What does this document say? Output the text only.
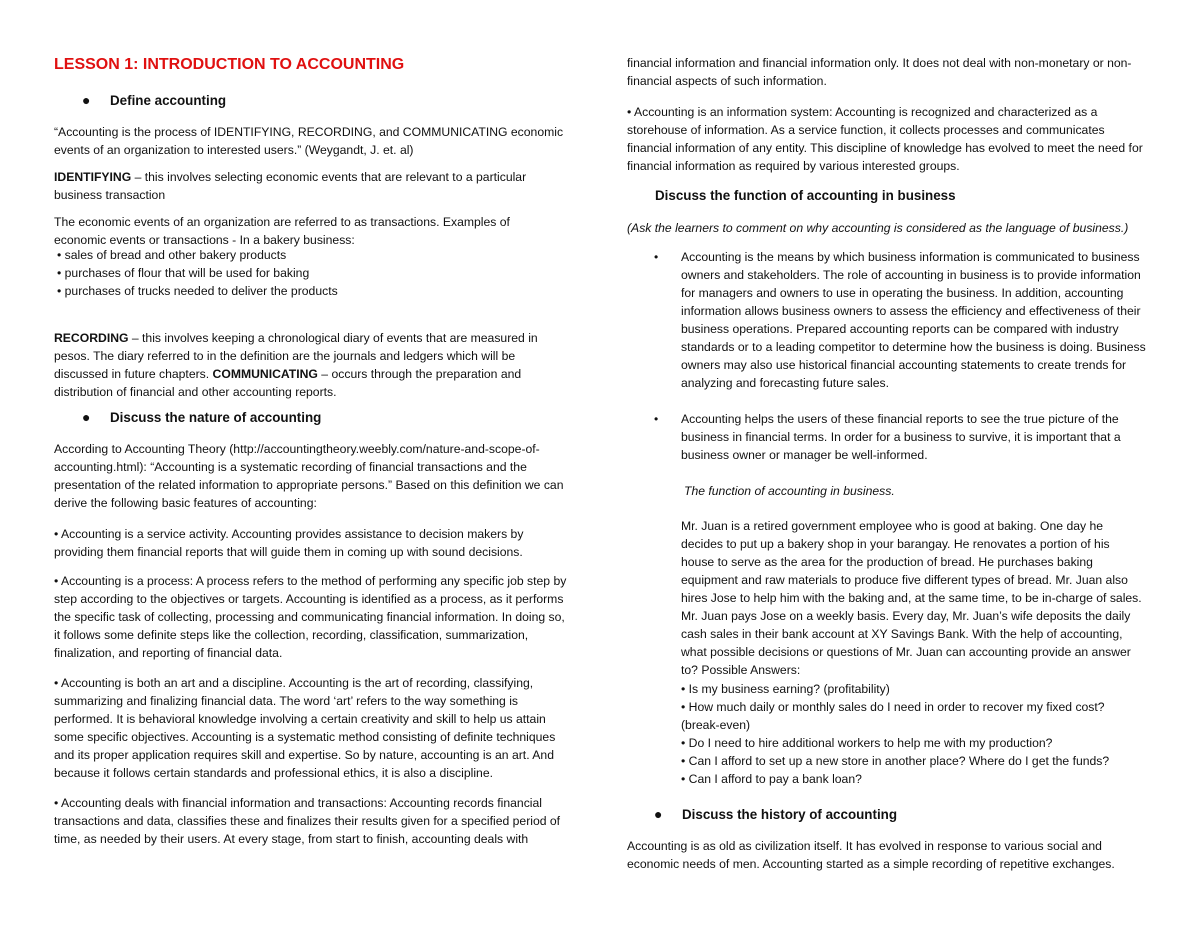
LESSON 1: INTRODUCTION TO ACCOUNTING
● Define accounting

“Accounting is the process of IDENTIFYING, RECORDING, and COMMUNICATING economic events of an organization to interested users.” (Weygandt, J. et. al)

IDENTIFYING – this involves selecting economic events that are relevant to a particular business transaction

The economic events of an organization are referred to as transactions. Examples of economic events or transactions - In a bakery business:

• sales of bread and other bakery products
• purchases of flour that will be used for baking
• purchases of trucks needed to deliver the products

RECORDING – this involves keeping a chronological diary of events that are measured in pesos. The diary referred to in the definition are the journals and ledgers which will be discussed in future chapters. COMMUNICATING – occurs through the preparation and distribution of financial and other accounting reports.

● Discuss the nature of accounting

According to Accounting Theory (http://accountingtheory.weebly.com/nature-and-scope-of-accounting.html): “Accounting is a systematic recording of financial transactions and the presentation of the related information to appropriate persons.” Based on this definition we can derive the following basic features of accounting:

• Accounting is a service activity. Accounting provides assistance to decision makers by providing them financial reports that will guide them in coming up with sound decisions.

• Accounting is a process: A process refers to the method of performing any specific job step by step according to the objectives or targets. Accounting is identified as a process, as it performs the specific task of collecting, processing and communicating financial information. In doing so, it follows some definite steps like the collection, recording, classification, summarization, finalization, and reporting of financial data.

• Accounting is both an art and a discipline. Accounting is the art of recording, classifying, summarizing and finalizing financial data. The word ‘art’ refers to the way something is performed. It is behavioral knowledge involving a certain creativity and skill to help us attain some specific objectives. Accounting is a systematic method consisting of definite techniques and its proper application requires skill and expertise. So by nature, accounting is an art. And because it follows certain standards and professional ethics, it is also a discipline.

• Accounting deals with financial information and transactions: Accounting records financial transactions and data, classifies these and finalizes their results given for a specified period of time, as needed by their users. At every stage, from start to finish, accounting deals with

financial information and financial information only. It does not deal with non-monetary or non-financial aspects of such information.

• Accounting is an information system: Accounting is recognized and characterized as a storehouse of information. As a service function, it collects processes and communicates financial information of any entity. This discipline of knowledge has evolved to meet the need for financial information as required by various interested groups.

Discuss the function of accounting in business

(Ask the learners to comment on why accounting is considered as the language of business.)

• Accounting is the means by which business information is communicated to business owners and stakeholders. The role of accounting in business is to provide information for managers and owners to use in operating the business. In addition, accounting information allows business owners to assess the efficiency and effectiveness of their business operations. Prepared accounting reports can be compared with industry standards or to a leading competitor to determine how the business is doing. Business owners may also use historical financial accounting statements to create trends for analyzing and forecasting future sales.

• Accounting helps the users of these financial reports to see the true picture of the business in financial terms. In order for a business to survive, it is important that a business owner or manager be well-informed.

The function of accounting in business.

Mr. Juan is a retired government employee who is good at baking. One day he decides to put up a bakery shop in your barangay. He renovates a portion of his house to serve as the area for the production of bread. He purchases baking equipment and raw materials to produce five different types of bread. Mr. Juan also hires Jose to help him with the baking and, at the same time, to be in-charge of sales. Mr. Juan pays Jose on a weekly basis. Every day, Mr. Juan’s wife deposits the daily cash sales in their bank account at XY Savings Bank. With the help of accounting, what possible decisions or questions of Mr. Juan can accounting provide an answer to? Possible Answers:

• Is my business earning? (profitability)
• How much daily or monthly sales do I need in order to recover my fixed cost? (break-even)
• Do I need to hire additional workers to help me with my production?
• Can I afford to set up a new store in another place? Where do I get the funds?
• Can I afford to pay a bank loan?
● Discuss the history of accounting

Accounting is as old as civilization itself. It has evolved in response to various social and economic needs of men. Accounting started as a simple recording of repetitive exchanges.
